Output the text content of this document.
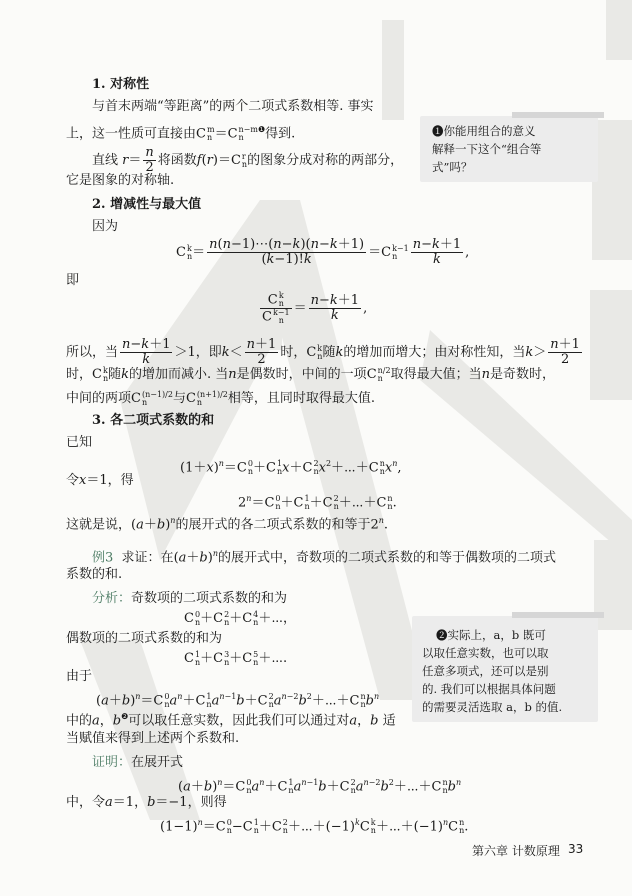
1. 对称性
与首末两端“等距离”的两个二项式系数相等. 事实
上，这一性质可直接由C m
n ＝C n−m
n
$^❶$得到.
直线 $r= \frac{n}{2}$ 将函数f(r)＝C r
n 的图象分成对称的两部分，
它是图象的对称轴.
❶你能用组合的意义
解释一下这个“组合等
式”吗？
2. 增减性与最大值
因为
C k
$n = \frac{n(n-1)\cdots(n-k)(n-k+1)}{(k-1)!k} =C$ k−1
n	$\frac{n-k+1}{k}$ ,
即
C k
n
C k−1
$n = \frac{n-k+1}{k}$ ,
所以，当 $\frac{n-k+1}{k} >1$，即$k< \frac{n+1}{2}$ 时，C k
n 随k的增加而增大；由对称性知，当$k> \frac{n+1}{2}$
时，C k
n 随k的增加而减小. 当n是偶数时，中间的一项C n/2
n 取得最大值；当n是奇数时，
中间的两项C (n−1)/2
n	与C (n+1)/2
n	相等，且同时取得最大值.
3. 各二项式系数的和
已知
$(1+x)^n=C$ 0
n ＋C 1
n x＋C 2
n $x^2+\cdots+C$ n
n $x^n$,
令x＝1，得
$2^n=C$ 0
n ＋C 1
n ＋C 2
n ＋⋯＋C n
n .
这就是说，$(a+b)^n$的展开式的各二项式系数的和等于2$^n$.
例3 求证：在$(a+b)^n$的展开式中，奇数项的二项式系数的和等于偶数项的二项式
系数的和.
分析：奇数项的二项式系数的和为
C 0
n ＋C 2
n ＋C 4
n ＋⋯，
偶数项的二项式系数的和为
C 1
n ＋C 3
n ＋C 5
n ＋⋯.
由于
$(a+b)^n=C$ 0
n $a^n+C$ 1
n $a^{n-1}b+C$ 2
n $a^{n-2}b^2+\cdots+C$ n
n $b^n$
中的a，$b^❷$可以取任意实数，因此我们可以通过对a，b 适
当赋值来得到上述两个系数和.
❷实际上，a，b 既可
以取任意实数，也可以取
任意多项式，还可以是别
的. 我们可以根据具体问题
的需要灵活选取 a，b 的值.
证明：在展开式
$(a+b)^n=C$ 0
n $a^n+C$ 1
n $a^{n-1}b+C$ 2
n $a^{n-2}b^2+\cdots+C$ n
n $b^n$
中，令a＝1，b＝−1，则得
$(1-1)^n=C$ 0
n −C 1
n ＋C 2
$n +\cdots+(-1)^kC$ k
$n +\cdots+(-1)^nC$ n
n .
第六章 计数原理 33
